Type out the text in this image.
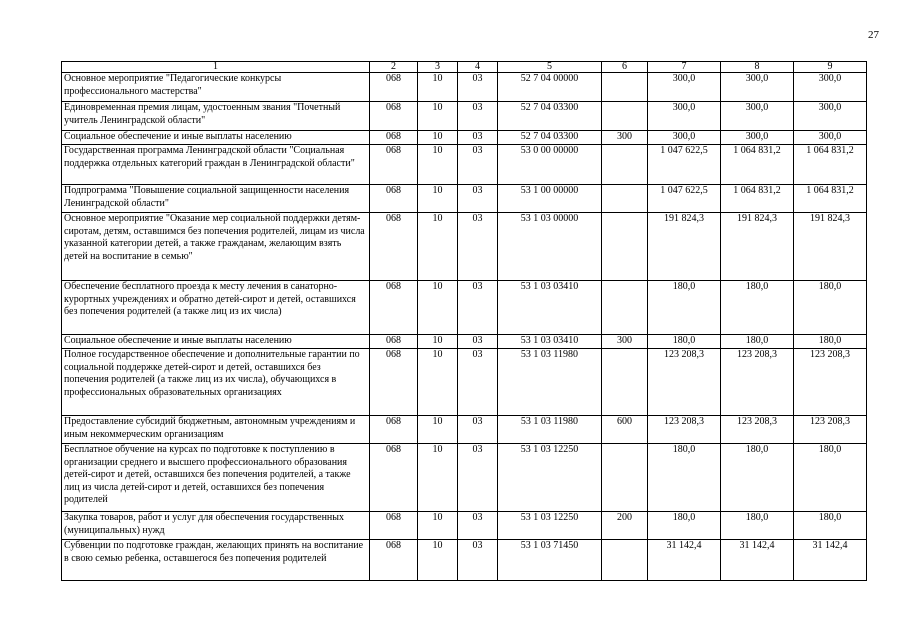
27
1	2	3	4	5	6	7	8	9
Основное мероприятие "Педагогические конкурсы профессионального мастерства"	068	10	03	52 7 04 00000		300,0	300,0	300,0
Единовременная премия лицам, удостоенным звания "Почетный учитель Ленинградской области"	068	10	03	52 7 04 03300		300,0	300,0	300,0
Социальное обеспечение и иные выплаты населению	068	10	03	52 7 04 03300	300	300,0	300,0	300,0
Государственная программа Ленинградской области "Социальная поддержка отдельных категорий граждан в Ленинградской области"	068	10	03	53 0 00 00000		1 047 622,5	1 064 831,2	1 064 831,2
Подпрограмма "Повышение социальной защищенности населения Ленинградской области"	068	10	03	53 1 00 00000		1 047 622,5	1 064 831,2	1 064 831,2
Основное мероприятие "Оказание мер социальной поддержки детям-сиротам, детям, оставшимся без попечения родителей, лицам из числа указанной категории детей, а также гражданам, желающим взять детей на воспитание в семью"	068	10	03	53 1 03 00000		191 824,3	191 824,3	191 824,3
Обеспечение бесплатного проезда к месту лечения в санаторно-курортных учреждениях и обратно детей-сирот и детей, оставшихся без попечения родителей (а также лиц из их числа)	068	10	03	53 1 03 03410		180,0	180,0	180,0
Социальное обеспечение и иные выплаты населению	068	10	03	53 1 03 03410	300	180,0	180,0	180,0
Полное государственное обеспечение и дополнительные гарантии по социальной поддержке детей-сирот и детей, оставшихся без попечения родителей (а также лиц из их числа), обучающихся в профессиональных образовательных организациях	068	10	03	53 1 03 11980		123 208,3	123 208,3	123 208,3
Предоставление субсидий бюджетным, автономным учреждениям и иным некоммерческим организациям	068	10	03	53 1 03 11980	600	123 208,3	123 208,3	123 208,3
Бесплатное обучение на курсах по подготовке к поступлению в организации среднего и высшего профессионального образования детей-сирот и детей, оставшихся без попечения родителей, а также лиц из числа детей-сирот и детей, оставшихся без попечения родителей	068	10	03	53 1 03 12250		180,0	180,0	180,0
Закупка товаров, работ и услуг для обеспечения государственных (муниципальных) нужд	068	10	03	53 1 03 12250	200	180,0	180,0	180,0
Субвенции по подготовке граждан, желающих принять на воспитание в свою семью ребенка, оставшегося без попечения родителей	068	10	03	53 1 03 71450		31 142,4	31 142,4	31 142,4
